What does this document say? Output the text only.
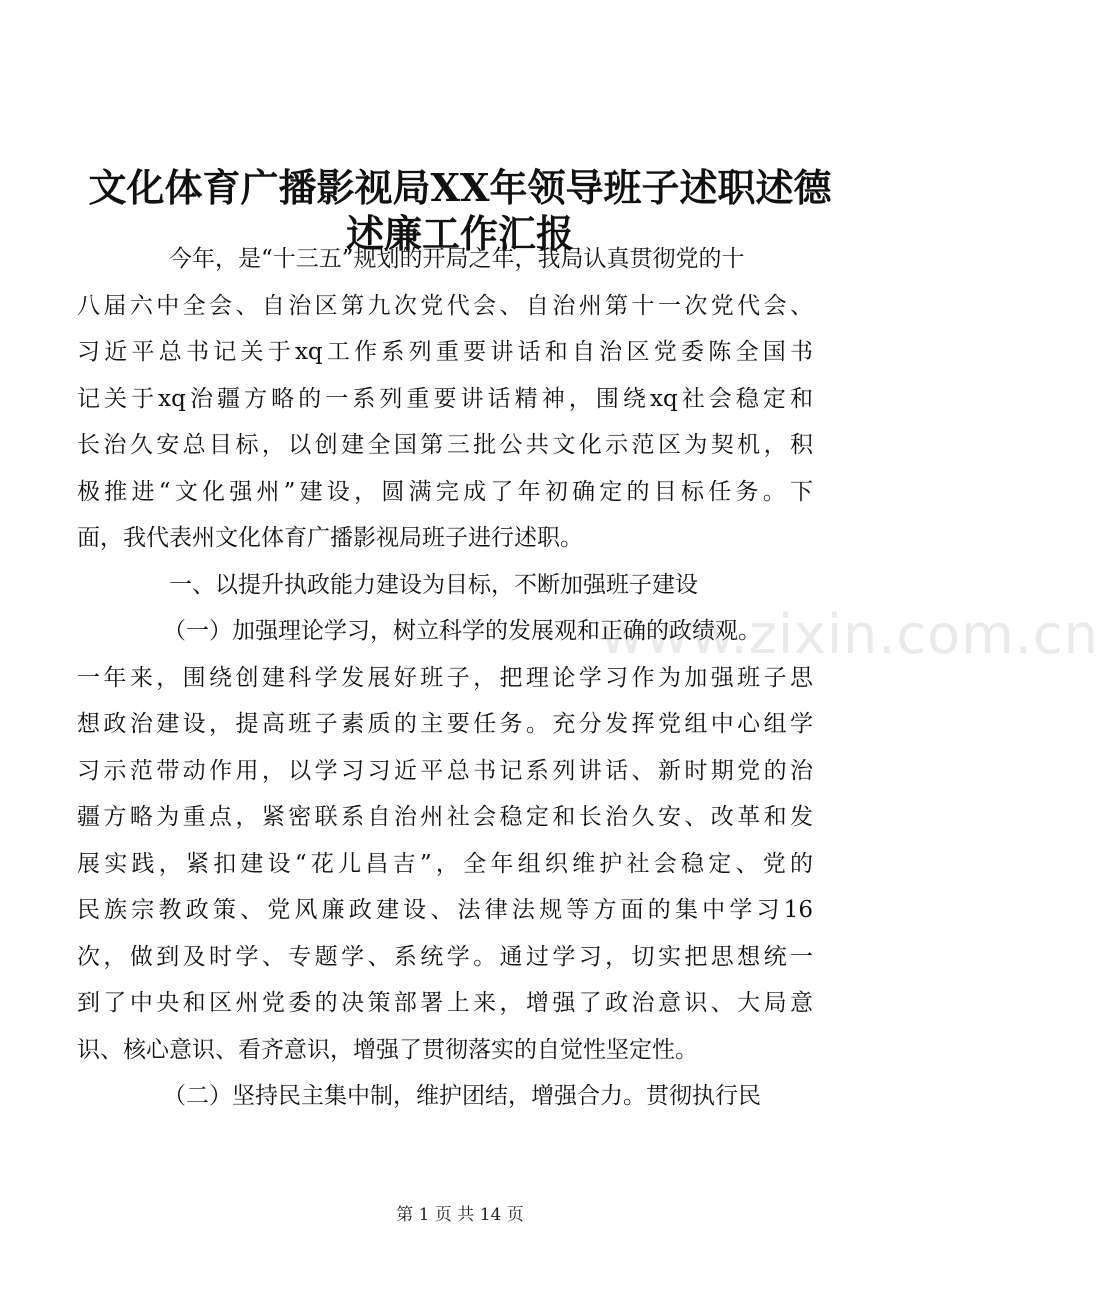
文化体育广播影视局XX年领导班子述职述德
述廉工作汇报
www.zixin.com.cn
今年，是“十三五”规划的开局之年，我局认真贯彻党的十
八届六中全会、自治区第九次党代会、自治州第十一次党代会、
习近平总书记关于xq工作系列重要讲话和自治区党委陈全国书
记关于xq治疆方略的一系列重要讲话精神，围绕xq社会稳定和
长治久安总目标，以创建全国第三批公共文化示范区为契机，积
极推进“文化强州”建设，圆满完成了年初确定的目标任务。下
面，我代表州文化体育广播影视局班子进行述职。
一、以提升执政能力建设为目标，不断加强班子建设
（一）加强理论学习，树立科学的发展观和正确的政绩观。
一年来，围绕创建科学发展好班子，把理论学习作为加强班子思
想政治建设，提高班子素质的主要任务。充分发挥党组中心组学
习示范带动作用，以学习习近平总书记系列讲话、新时期党的治
疆方略为重点，紧密联系自治州社会稳定和长治久安、改革和发
展实践，紧扣建设“花儿昌吉”，全年组织维护社会稳定、党的
民族宗教政策、党风廉政建设、法律法规等方面的集中学习16
次，做到及时学、专题学、系统学。通过学习，切实把思想统一
到了中央和区州党委的决策部署上来，增强了政治意识、大局意
识、核心意识、看齐意识，增强了贯彻落实的自觉性坚定性。
（二）坚持民主集中制，维护团结，增强合力。贯彻执行民
第 1 页 共 14 页
